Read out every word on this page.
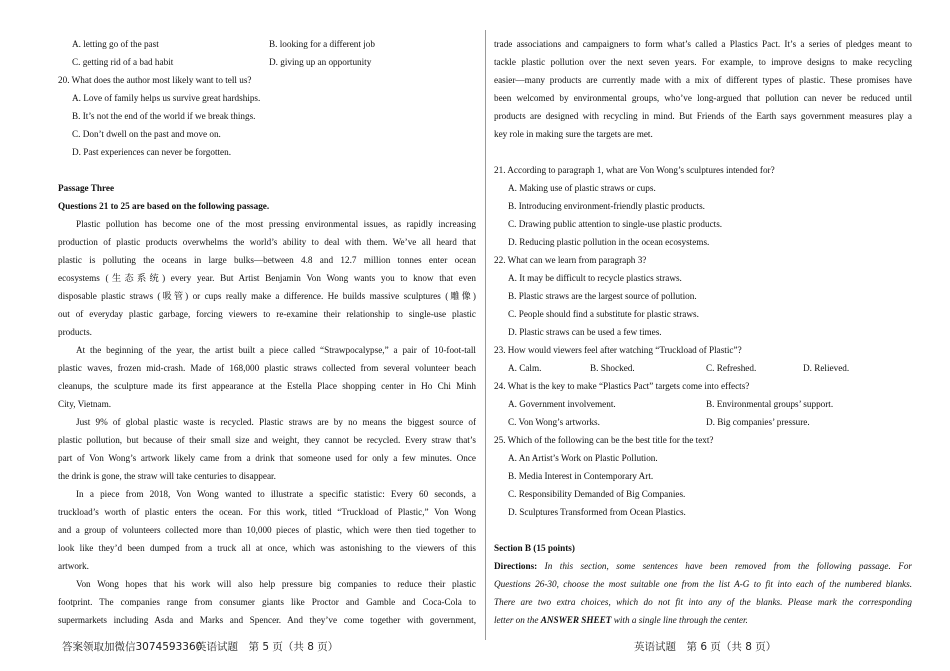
A. letting go of the past	B. looking for a different job
C. getting rid of a bad habit	D. giving up an opportunity
20. What does the author most likely want to tell us?
A. Love of family helps us survive great hardships.
B. It’s not the end of the world if we break things.
C. Don’t dwell on the past and move on.
D. Past experiences can never be forgotten.
Passage Three
Questions 21 to 25 are based on the following passage.
Plastic pollution has become one of the most pressing environmental issues, as rapidly increasing
production of plastic products overwhelms the world’s ability to deal with them. We’ve all heard that
plastic is polluting the oceans in large bulks—between 4.8 and 12.7 million tonnes enter ocean
ecosystems (生态系统) every year. But Artist Benjamin Von Wong wants you to know that even
disposable plastic straws (吸管) or cups really make a difference. He builds massive sculptures (雕像)
out of everyday plastic garbage, forcing viewers to re-examine their relationship to single-use plastic
products.
At the beginning of the year, the artist built a piece called “Strawpocalypse,” a pair of 10-foot-tall
plastic waves, frozen mid-crash. Made of 168,000 plastic straws collected from several volunteer beach
cleanups, the sculpture made its first appearance at the Estella Place shopping center in Ho Chi Minh
City, Vietnam.
Just 9% of global plastic waste is recycled. Plastic straws are by no means the biggest source of
plastic pollution, but because of their small size and weight, they cannot be recycled. Every straw that’s
part of Von Wong’s artwork likely came from a drink that someone used for only a few minutes. Once
the drink is gone, the straw will take centuries to disappear.
In a piece from 2018, Von Wong wanted to illustrate a specific statistic: Every 60 seconds, a
truckload’s worth of plastic enters the ocean. For this work, titled “Truckload of Plastic,” Von Wong
and a group of volunteers collected more than 10,000 pieces of plastic, which were then tied together to
look like they’d been dumped from a truck all at once, which was astonishing to the viewers of this
artwork.
Von Wong hopes that his work will also help pressure big companies to reduce their plastic
footprint. The companies range from consumer giants like Proctor and Gamble and Coca-Cola to
supermarkets including Asda and Marks and Spencer. And they’ve come together with government,
答案领取加微信3074593360
英语试题　第 5 页（共 8 页）
trade associations and campaigners to form what’s called a Plastics Pact. It’s a series of pledges meant to
tackle plastic pollution over the next seven years. For example, to improve designs to make recycling
easier—many products are currently made with a mix of different types of plastic. These promises have
been welcomed by environmental groups, who’ve long-argued that pollution can never be reduced until
products are designed with recycling in mind. But Friends of the Earth says government measures play a
key role in making sure the targets are met.
21. According to paragraph 1, what are Von Wong’s sculptures intended for?
A. Making use of plastic straws or cups.
B. Introducing environment-friendly plastic products.
C. Drawing public attention to single-use plastic products.
D. Reducing plastic pollution in the ocean ecosystems.
22. What can we learn from paragraph 3?
A. It may be difficult to recycle plastics straws.
B. Plastic straws are the largest source of pollution.
C. People should find a substitute for plastic straws.
D. Plastic straws can be used a few times.
23. How would viewers feel after watching “Truckload of Plastic”?
A. Calm.	B. Shocked.	C. Refreshed.	D. Relieved.
24. What is the key to make “Plastics Pact” targets come into effects?
A. Government involvement.	B. Environmental groups’ support.
C. Von Wong’s artworks.	D. Big companies’ pressure.
25. Which of the following can be the best title for the text?
A. An Artist’s Work on Plastic Pollution.
B. Media Interest in Contemporary Art.
C. Responsibility Demanded of Big Companies.
D. Sculptures Transformed from Ocean Plastics.
Section B (15 points)
Directions: In this section, some sentences have been removed from the following passage. For
Questions 26-30, choose the most suitable one from the list A-G to fit into each of the numbered blanks.
There are two extra choices, which do not fit into any of the blanks. Please mark the corresponding
letter on the ANSWER SHEET with a single line through the center.
英语试题　第 6 页（共 8 页）
